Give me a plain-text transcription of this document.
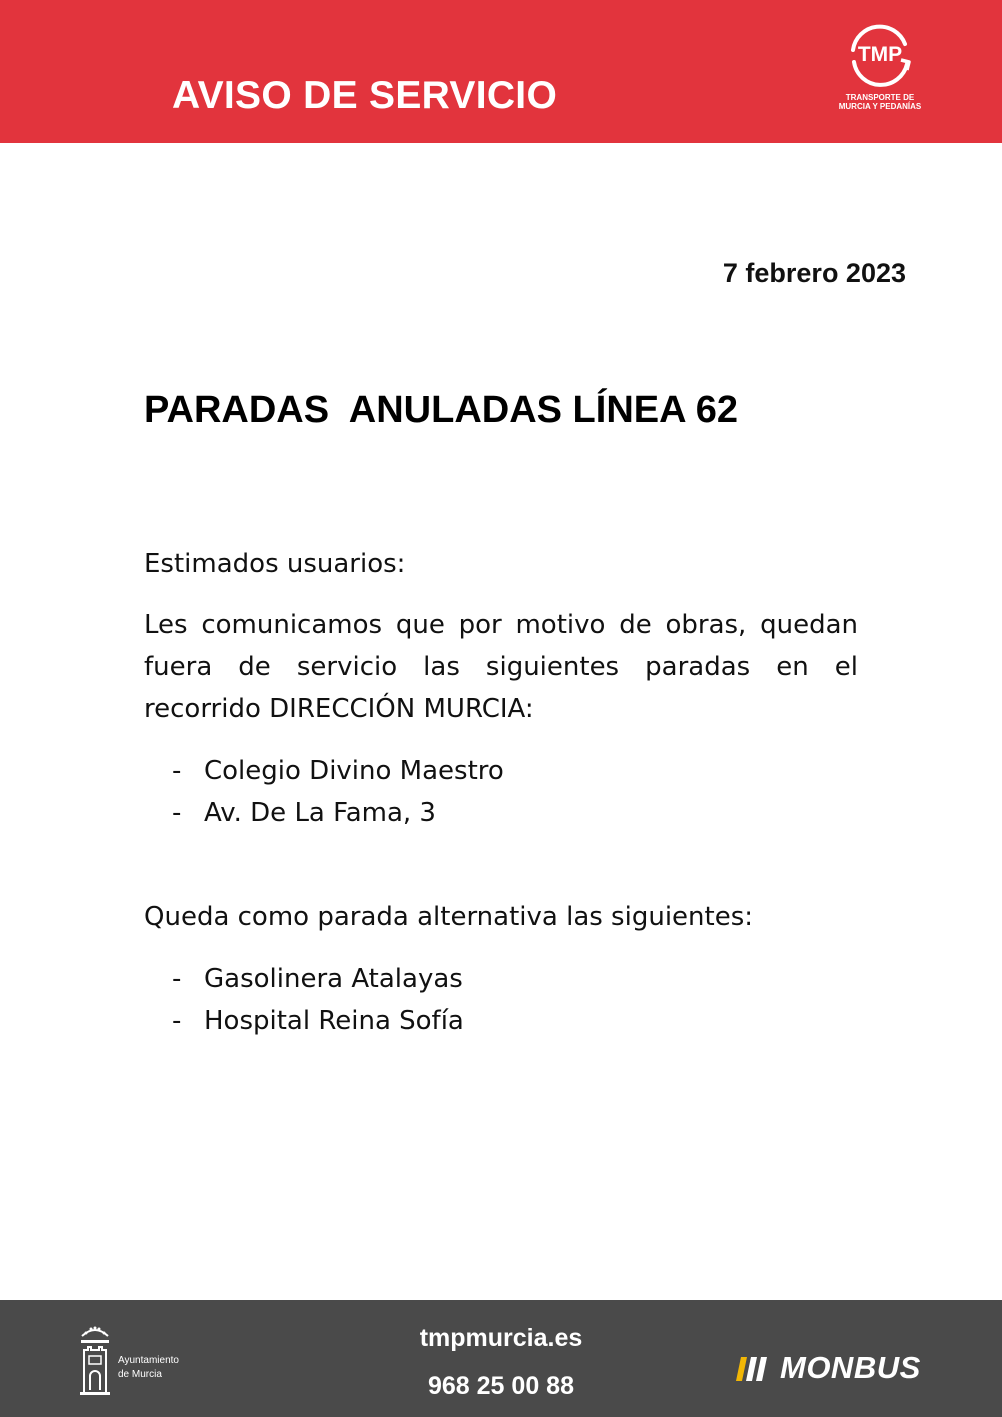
AVISO DE SERVICIO
TMP
TRANSPORTE DE
MURCIA Y PEDANÍAS
7 febrero 2023
PARADAS  ANULADAS LÍNEA 62
Estimados usuarios:
Les comunicamos que por motivo de obras, quedan fuera de servicio las siguientes paradas en el recorrido DIRECCIÓN MURCIA:
- Colegio Divino Maestro
- Av. De La Fama, 3
Queda como parada alternativa las siguientes:
- Gasolinera Atalayas
- Hospital Reina Sofía
Ayuntamiento
de Murcia
tmpmurcia.es
968 25 00 88
MONBUS
